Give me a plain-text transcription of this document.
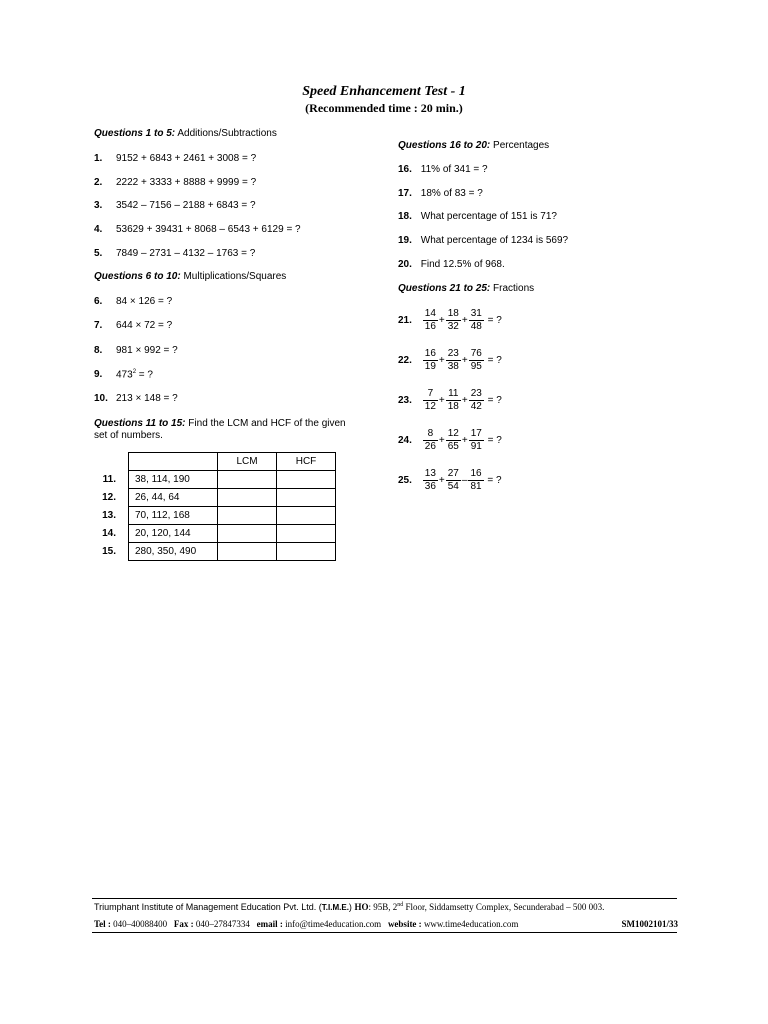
Speed Enhancement Test - 1
(Recommended time : 20 min.)
Questions 1 to 5: Additions/Subtractions
1. 9152 + 6843 + 2461 + 3008 = ?
2. 2222 + 3333 + 8888 + 9999 = ?
3. 3542 – 7156 – 2188 + 6843 = ?
4. 53629 + 39431 + 8068 – 6543 + 6129 = ?
5. 7849 – 2731 – 4132 – 1763 = ?
Questions 6 to 10: Multiplications/Squares
6. 84 × 126 = ?
7. 644 × 72 = ?
8. 981 × 992 = ?
9. $473^2$ = ?
10. 213 × 148 = ?
Questions 11 to 15: Find the LCM and HCF of the given
set of numbers.
		LCM	HCF
11.	38, 114, 190		
12.	26, 44, 64		
13.	70, 112, 168		
14.	20, 120, 144		
15.	280, 350, 490		
Questions 16 to 20: Percentages
16. 11% of 341 = ?
17. 18% of 83 = ?
18. What percentage of 151 is 71?
19. What percentage of 1234 is 569?
20. Find 12.5% of 968.
Questions 21 to 25: Fractions
21. $\frac{14}{16} + \frac{18}{32} + \frac{31}{48}$ = ?
22. $\frac{16}{19} + \frac{23}{38} + \frac{76}{95}$ = ?
23. $\frac{7}{12} + \frac{11}{18} + \frac{23}{42}$ = ?
24. $\frac{8}{26} + \frac{12}{65} + \frac{17}{91}$ = ?
25. $\frac{13}{36} + \frac{27}{54} - \frac{16}{81}$ = ?
Triumphant Institute of Management Education Pvt. Ltd. (T.I.M.E.) HO: 95B, 2nd Floor, Siddamsetty Complex, Secunderabad – 500 003.
Tel : 040–40088400 Fax : 040–27847334 email : info@time4education.com website : www.time4education.com	SM1002101/33
